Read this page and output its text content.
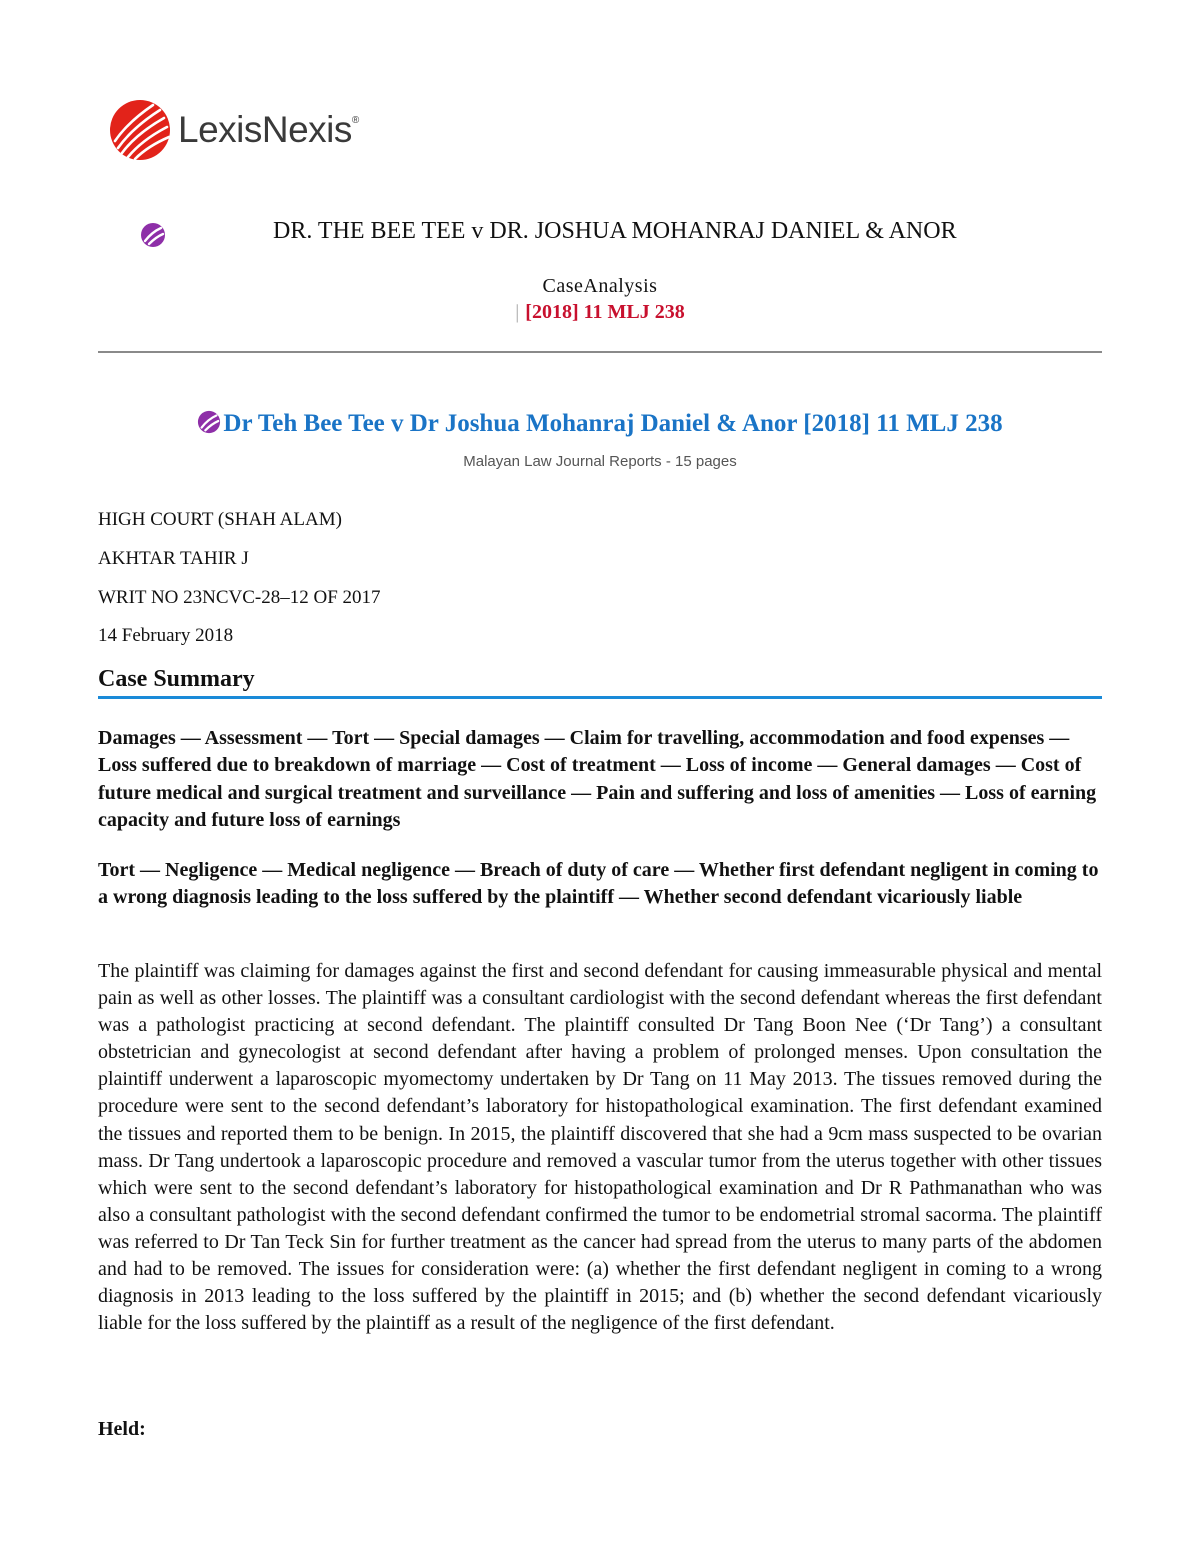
LexisNexis®
DR. THE BEE TEE v DR. JOSHUA MOHANRAJ DANIEL & ANOR
CaseAnalysis
| [2018] 11 MLJ 238
Dr Teh Bee Tee v Dr Joshua Mohanraj Daniel & Anor [2018] 11 MLJ 238
Malayan Law Journal Reports - 15 pages
HIGH COURT (SHAH ALAM)
AKHTAR TAHIR J
WRIT NO 23NCVC-28–12 OF 2017
14 February 2018
Case Summary
Damages — Assessment — Tort — Special damages — Claim for travelling, accommodation and food expenses — Loss suffered due to breakdown of marriage — Cost of treatment — Loss of income — General damages — Cost of future medical and surgical treatment and surveillance — Pain and suffering and loss of amenities — Loss of earning capacity and future loss of earnings
Tort — Negligence — Medical negligence — Breach of duty of care — Whether first defendant negligent in coming to a wrong diagnosis leading to the loss suffered by the plaintiff — Whether second defendant vicariously liable
The plaintiff was claiming for damages against the first and second defendant for causing immeasurable physical and mental pain as well as other losses. The plaintiff was a consultant cardiologist with the second defendant whereas the first defendant was a pathologist practicing at second defendant. The plaintiff consulted Dr Tang Boon Nee (‘Dr Tang’) a consultant obstetrician and gynecologist at second defendant after having a problem of prolonged menses. Upon consultation the plaintiff underwent a laparoscopic myomectomy undertaken by Dr Tang on 11 May 2013. The tissues removed during the procedure were sent to the second defendant’s laboratory for histopathological examination. The first defendant examined the tissues and reported them to be benign. In 2015, the plaintiff discovered that she had a 9cm mass suspected to be ovarian mass. Dr Tang undertook a laparoscopic procedure and removed a vascular tumor from the uterus together with other tissues which were sent to the second defendant’s laboratory for histopathological examination and Dr R Pathmanathan who was also a consultant pathologist with the second defendant confirmed the tumor to be endometrial stromal sacorma. The plaintiff was referred to Dr Tan Teck Sin for further treatment as the cancer had spread from the uterus to many parts of the abdomen and had to be removed. The issues for consideration were: (a) whether the first defendant negligent in coming to a wrong diagnosis in 2013 leading to the loss suffered by the plaintiff in 2015; and (b) whether the second defendant vicariously liable for the loss suffered by the plaintiff as a result of the negligence of the first defendant.
Held:
